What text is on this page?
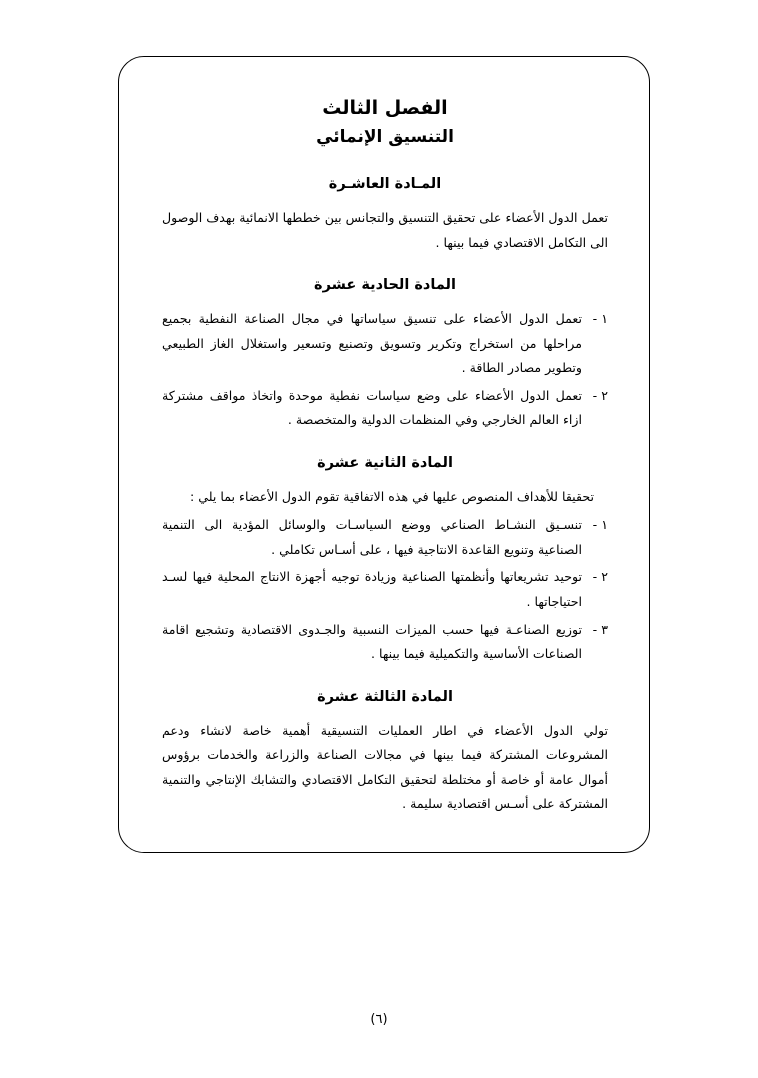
الفصل الثالث
التنسيق الإنمائي
المـادة العاشـرة

تعمل الدول الأعضاء على تحقيق التنسيق والتجانس بين خططها الانمائية بهدف الوصول الى التكامل الاقتصادي فيما بينها .

المادة الحادية عشرة
١ -
تعمل الدول الأعضاء على تنسيق سياساتها في مجال الصناعة النفطية بجميع مراحلها من استخراج وتكرير وتسويق وتصنيع وتسعير واستغلال الغاز الطبيعي وتطوير مصادر الطاقة .
٢ -
تعمل الدول الأعضاء على وضع سياسات نفطية موحدة واتخاذ مواقف مشتركة ازاء العالم الخارجي وفي المنظمات الدولية والمتخصصة .
المادة الثانية عشرة

تحقيقا للأهداف المنصوص عليها في هذه الاتفاقية تقوم الدول الأعضاء بما يلي :

١ -
تنسـيق النشـاط الصناعي ووضع السياسـات والوسائل المؤدية الى التنمية الصناعية وتنويع القاعدة الانتاجية فيها ، على أسـاس تكاملي .
٢ -
توحيد تشريعاتها وأنظمتها الصناعية وزيادة توجيه أجهزة الانتاج المحلية فيها لسـد احتياجاتها .
٣ -
توزيع الصناعـة فيها حسب الميزات النسبية والجـدوى الاقتصادية وتشجيع اقامة الصناعات الأساسية والتكميلية فيما بينها .
المادة الثالثة عشرة

تولي الدول الأعضاء في اطار العمليات التنسيقية أهمية خاصة لانشاء ودعم المشروعات المشتركة فيما بينها في مجالات الصناعة والزراعة والخدمات برؤوس أموال عامة أو خاصة أو مختلطة لتحقيق التكامل الاقتصادي والتشابك الإنتاجي والتنمية المشتركة على أسـس اقتصادية سليمة .

(٦)
